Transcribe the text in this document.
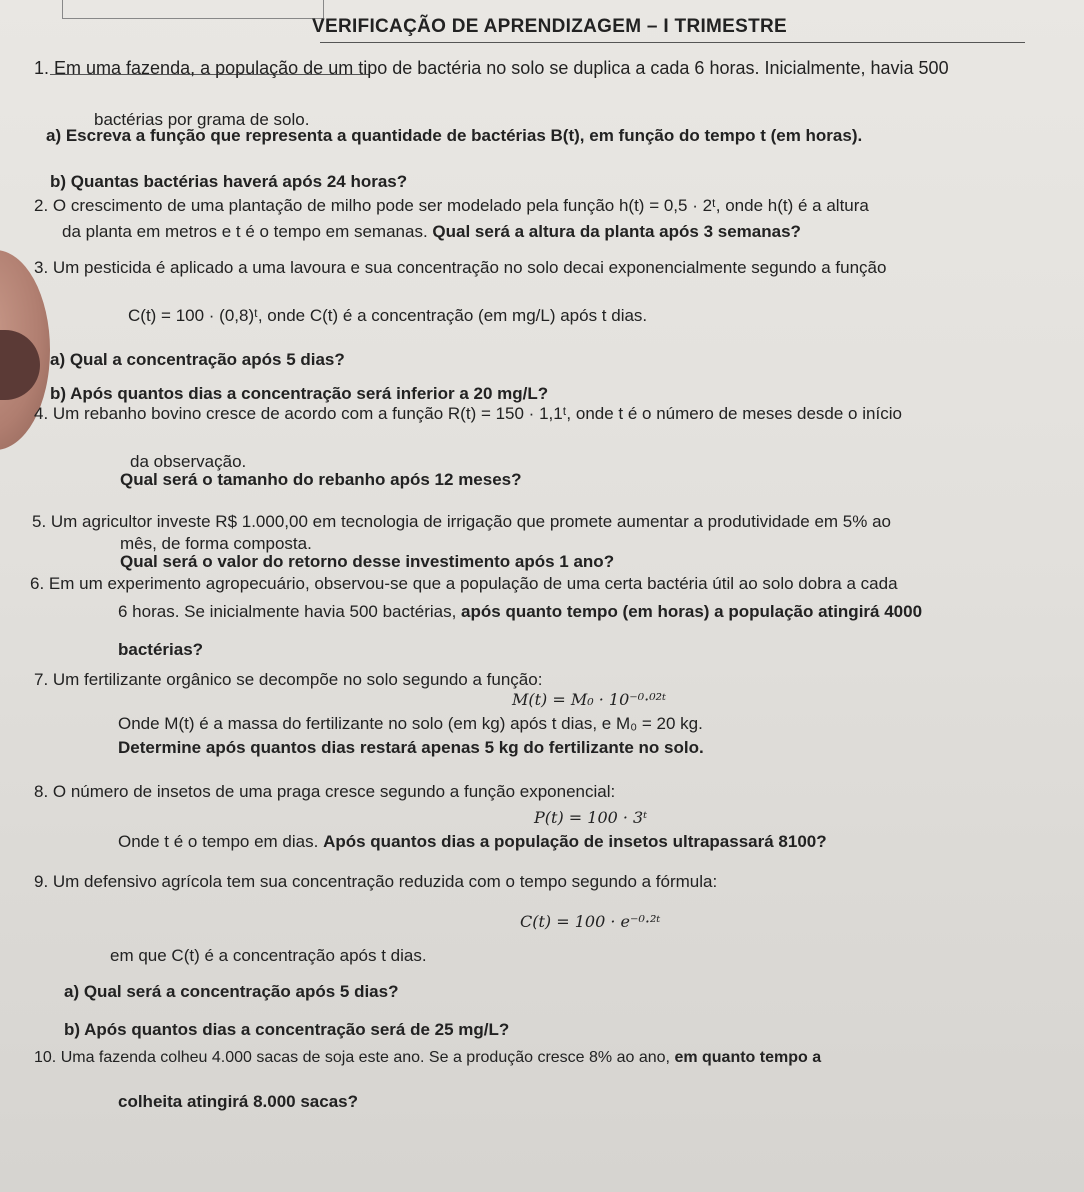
VERIFICAÇÃO DE APRENDIZAGEM – I TRIMESTRE
1. Em uma fazenda, a população de um tipo de bactéria no solo se duplica a cada 6 horas. Inicialmente, havia 500
bactérias por grama de solo.
a) Escreva a função que representa a quantidade de bactérias B(t), em função do tempo t (em horas).
b) Quantas bactérias haverá após 24 horas?
2. O crescimento de uma plantação de milho pode ser modelado pela função h(t) = 0,5 · 2ᵗ, onde h(t) é a altura
da planta em metros e t é o tempo em semanas. Qual será a altura da planta após 3 semanas?
3. Um pesticida é aplicado a uma lavoura e sua concentração no solo decai exponencialmente segundo a função
C(t) = 100 · (0,8)ᵗ, onde C(t) é a concentração (em mg/L) após t dias.
a) Qual a concentração após 5 dias?
b) Após quantos dias a concentração será inferior a 20 mg/L?
4. Um rebanho bovino cresce de acordo com a função R(t) = 150 · 1,1ᵗ, onde t é o número de meses desde o início
da observação.
Qual será o tamanho do rebanho após 12 meses?
5. Um agricultor investe R$ 1.000,00 em tecnologia de irrigação que promete aumentar a produtividade em 5% ao
mês, de forma composta.
Qual será o valor do retorno desse investimento após 1 ano?
6. Em um experimento agropecuário, observou-se que a população de uma certa bactéria útil ao solo dobra a cada
6 horas. Se inicialmente havia 500 bactérias, após quanto tempo (em horas) a população atingirá 4000
bactérias?
7. Um fertilizante orgânico se decompõe no solo segundo a função:
M(t) = M₀ · 10⁻⁰·⁰²ᵗ
Onde M(t) é a massa do fertilizante no solo (em kg) após t dias, e M₀ = 20 kg.
Determine após quantos dias restará apenas 5 kg do fertilizante no solo.
8. O número de insetos de uma praga cresce segundo a função exponencial:
P(t) = 100 · 3ᵗ
Onde t é o tempo em dias. Após quantos dias a população de insetos ultrapassará 8100?
9. Um defensivo agrícola tem sua concentração reduzida com o tempo segundo a fórmula:
C(t) = 100 · e⁻⁰·²ᵗ
em que C(t) é a concentração após t dias.
a) Qual será a concentração após 5 dias?
b) Após quantos dias a concentração será de 25 mg/L?
10. Uma fazenda colheu 4.000 sacas de soja este ano. Se a produção cresce 8% ao ano, em quanto tempo a
colheita atingirá 8.000 sacas?
